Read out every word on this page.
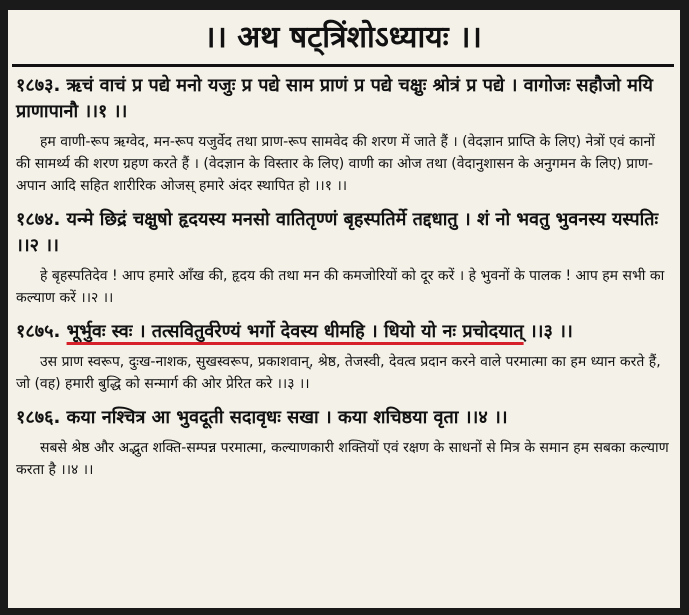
।। अथ षट्त्रिंशोऽध्यायः ।।

१८७३. ऋचं वाचं प्र पद्ये मनो यजुः प्र पद्ये साम प्राणं प्र पद्ये चक्षुः श्रोत्रं प्र पद्ये । वागोजः सहौजो मयि प्राणापानौ ।।१ ।।

हम वाणी-रूप ऋग्वेद, मन-रूप यजुर्वेद तथा प्राण-रूप सामवेद की शरण में जाते हैं । (वेदज्ञान प्राप्ति के लिए) नेत्रों एवं कानों की सामर्थ्य की शरण ग्रहण करते हैं । (वेदज्ञान के विस्तार के लिए) वाणी का ओज तथा (वेदानुशासन के अनुगमन के लिए) प्राण-अपान आदि सहित शारीरिक ओजस् हमारे अंदर स्थापित हो ।।१ ।।

१८७४. यन्मे छिद्रं चक्षुषो हृदयस्य मनसो वातितृण्णं बृहस्पतिर्मे तद्दधातु । शं नो भवतु भुवनस्य यस्पतिः ।।२ ।।

हे बृहस्पतिदेव ! आप हमारे आँख की, हृदय की तथा मन की कमजोरियों को दूर करें । हे भुवनों के पालक ! आप हम सभी का कल्याण करें ।।२ ।।

१८७५. भूर्भुवः स्वः । तत्सवितुर्वरेण्यं भर्गो देवस्य धीमहि । धियो यो नः प्रचोदयात् ।।३ ।।

उस प्राण स्वरूप, दुःख-नाशक, सुखस्वरूप, प्रकाशवान्, श्रेष्ठ, तेजस्वी, देवत्व प्रदान करने वाले परमात्मा का हम ध्यान करते हैं, जो (वह) हमारी बुद्धि को सन्मार्ग की ओर प्रेरित करे ।।३ ।।

१८७६. कया नश्चित्र आ भुवदूती सदावृधः सखा । कया शचिष्ठया वृता ।।४ ।।

सबसे श्रेष्ठ और अद्भुत शक्ति-सम्पन्न परमात्मा, कल्याणकारी शक्तियों एवं रक्षण के साधनों से मित्र के समान हम सबका कल्याण करता है ।।४ ।।
